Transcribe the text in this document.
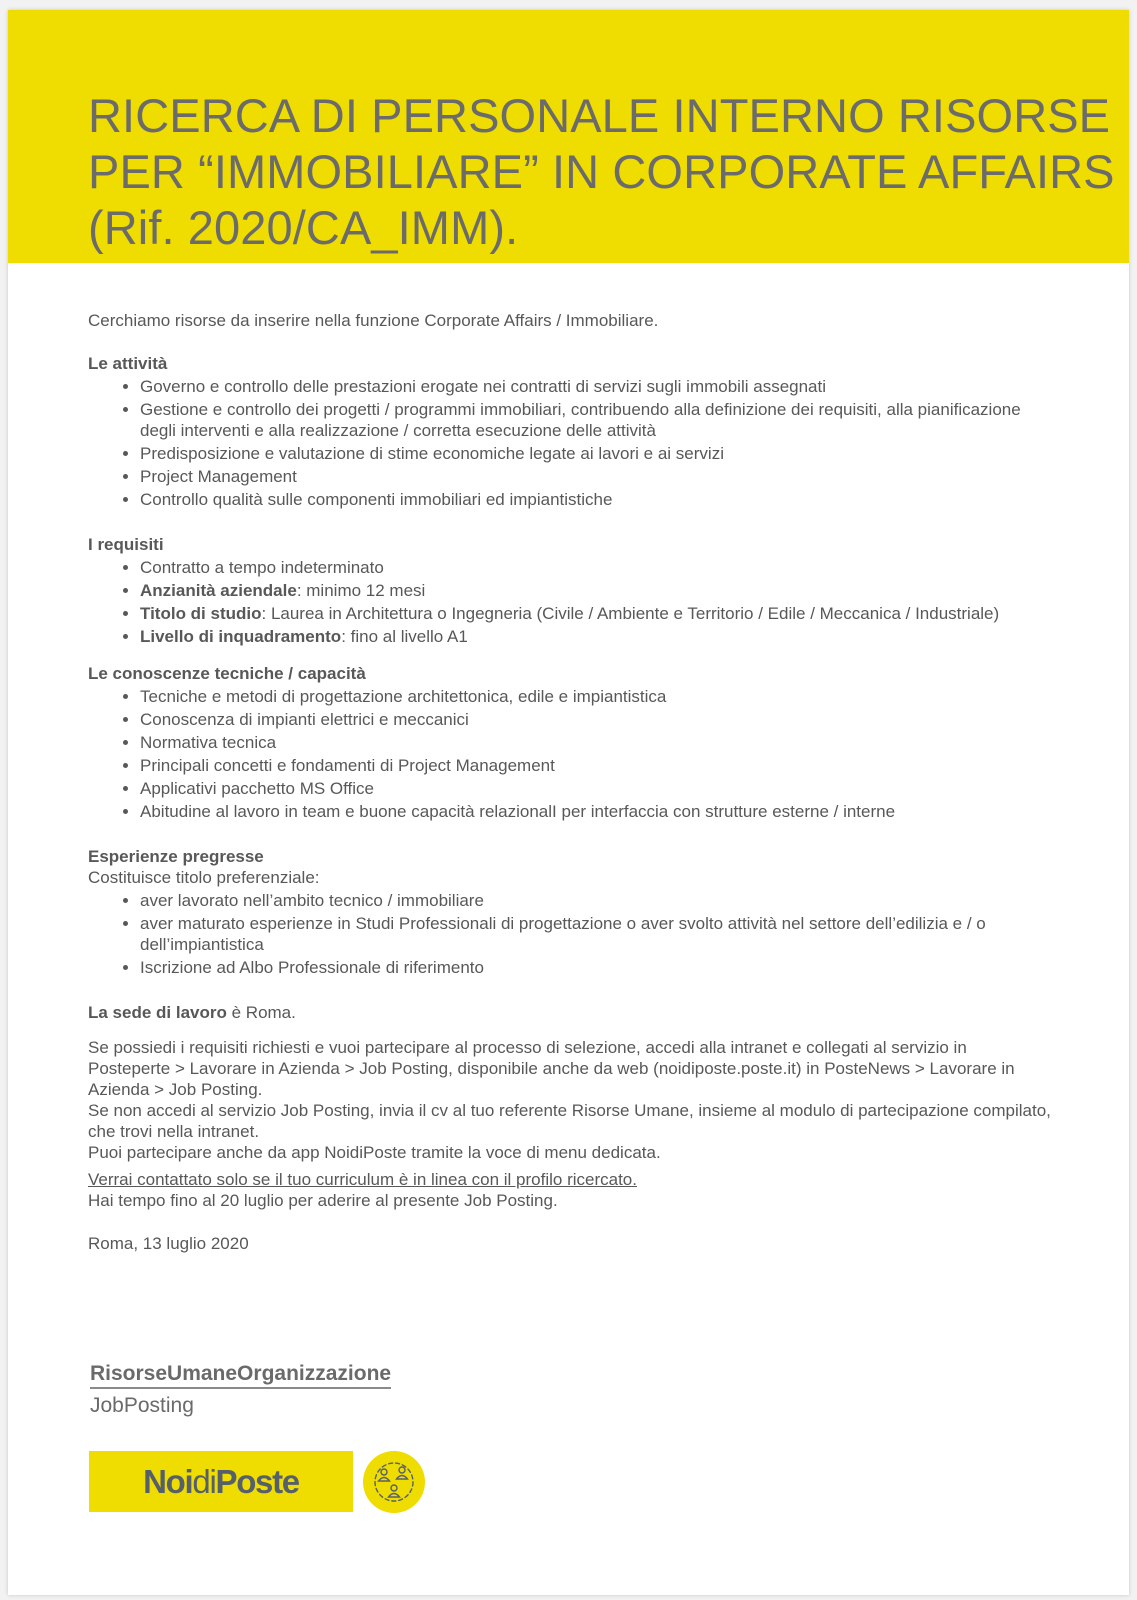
RICERCA DI PERSONALE INTERNO RISORSE PER “IMMOBILIARE” IN CORPORATE AFFAIRS (Rif. 2020/CA_IMM).

Cerchiamo risorse da inserire nella funzione Corporate Affairs / Immobiliare.

Le attività

• Governo e controllo delle prestazioni erogate nei contratti di servizi sugli immobili assegnati
• Gestione e controllo dei progetti / programmi immobiliari, contribuendo alla definizione dei requisiti, alla pianificazione degli interventi e alla realizzazione / corretta esecuzione delle attività
• Predisposizione e valutazione di stime economiche legate ai lavori e ai servizi
• Project Management
• Controllo qualità sulle componenti immobiliari ed impiantistiche

I requisiti

• Contratto a tempo indeterminato
• Anzianità aziendale: minimo 12 mesi
• Titolo di studio: Laurea in Architettura o Ingegneria (Civile / Ambiente e Territorio / Edile / Meccanica / Industriale)
• Livello di inquadramento: fino al livello A1

Le conoscenze tecniche / capacità

• Tecniche e metodi di progettazione architettonica, edile e impiantistica
• Conoscenza di impianti elettrici e meccanici
• Normativa tecnica
• Principali concetti e fondamenti di Project Management
• Applicativi pacchetto MS Office
• Abitudine al lavoro in team e buone capacità relazionalI per interfaccia con strutture esterne / interne

Esperienze pregresse

Costituisce titolo preferenziale:

• aver lavorato nell’ambito tecnico / immobiliare
• aver maturato esperienze in Studi Professionali di progettazione o aver svolto attività nel settore dell’edilizia e / o dell’impiantistica
• Iscrizione ad Albo Professionale di riferimento

La sede di lavoro è Roma.

Se possiedi i requisiti richiesti e vuoi partecipare al processo di selezione, accedi alla intranet e collegati al servizio in Posteperte > Lavorare in Azienda > Job Posting, disponibile anche da web (noidiposte.poste.it) in PosteNews > Lavorare in Azienda > Job Posting.

Se non accedi al servizio Job Posting, invia il cv al tuo referente Risorse Umane, insieme al modulo di partecipazione compilato, che trovi nella intranet.

Puoi partecipare anche da app NoidiPoste tramite la voce di menu dedicata.

Verrai contattato solo se il tuo curriculum è in linea con il profilo ricercato.

Hai tempo fino al 20 luglio per aderire al presente Job Posting.

Roma, 13 luglio 2020

RisorseUmaneOrganizzazione
JobPosting
NoidiPoste
